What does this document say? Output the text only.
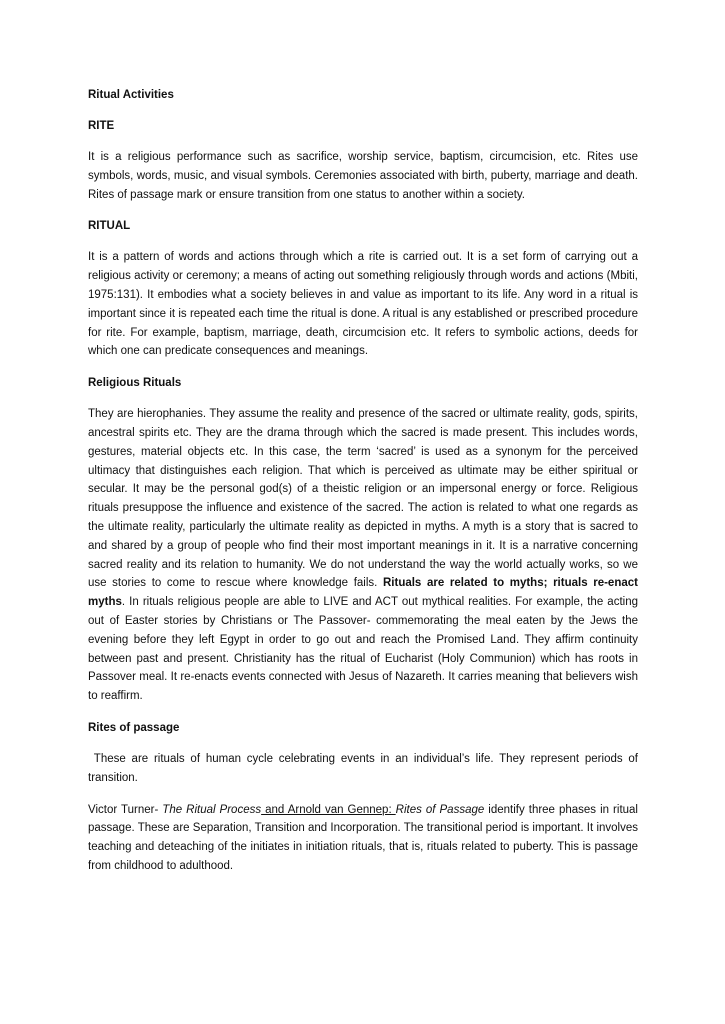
Ritual Activities

RITE

It is a religious performance such as sacrifice, worship service, baptism, circumcision, etc. Rites use symbols, words, music, and visual symbols. Ceremonies associated with birth, puberty, marriage and death. Rites of passage mark or ensure transition from one status to another within a society.

RITUAL

It is a pattern of words and actions through which a rite is carried out. It is a set form of carrying out a religious activity or ceremony; a means of acting out something religiously through words and actions (Mbiti, 1975:131). It embodies what a society believes in and value as important to its life. Any word in a ritual is important since it is repeated each time the ritual is done. A ritual is any established or prescribed procedure for rite. For example, baptism, marriage, death, circumcision etc. It refers to symbolic actions, deeds for which one can predicate consequences and meanings.

Religious Rituals

They are hierophanies. They assume the reality and presence of the sacred or ultimate reality, gods, spirits, ancestral spirits etc. They are the drama through which the sacred is made present. This includes words, gestures, material objects etc. In this case, the term ‘sacred’ is used as a synonym for the perceived ultimacy that distinguishes each religion. That which is perceived as ultimate may be either spiritual or secular. It may be the personal god(s) of a theistic religion or an impersonal energy or force. Religious rituals presuppose the influence and existence of the sacred. The action is related to what one regards as the ultimate reality, particularly the ultimate reality as depicted in myths. A myth is a story that is sacred to and shared by a group of people who find their most important meanings in it. It is a narrative concerning sacred reality and its relation to humanity. We do not understand the way the world actually works, so we use stories to come to rescue where knowledge fails. Rituals are related to myths; rituals re-enact myths. In rituals religious people are able to LIVE and ACT out mythical realities. For example, the acting out of Easter stories by Christians or The Passover- commemorating the meal eaten by the Jews the evening before they left Egypt in order to go out and reach the Promised Land. They affirm continuity between past and present. Christianity has the ritual of Eucharist (Holy Communion) which has roots in Passover meal. It re-enacts events connected with Jesus of Nazareth. It carries meaning that believers wish to reaffirm.

Rites of passage

These are rituals of human cycle celebrating events in an individual’s life. They represent periods of transition.

Victor Turner- The Ritual Process and Arnold van Gennep: Rites of Passage identify three phases in ritual passage. These are Separation, Transition and Incorporation. The transitional period is important. It involves teaching and deteaching of the initiates in initiation rituals, that is, rituals related to puberty. This is passage from childhood to adulthood.
